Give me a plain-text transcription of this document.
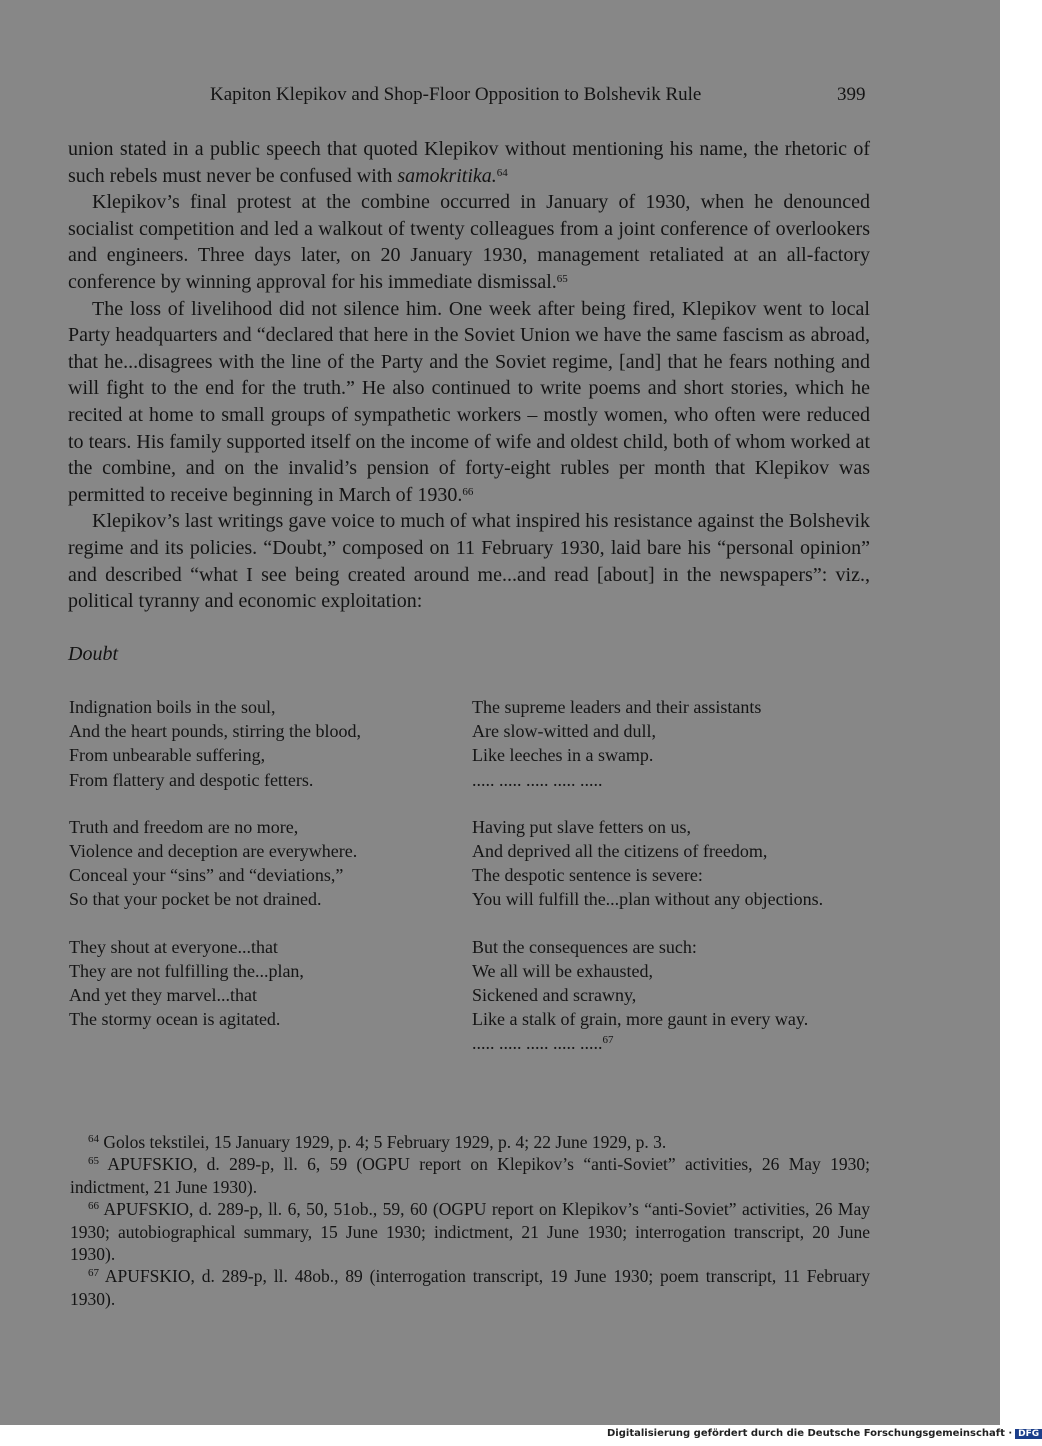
Kapiton Klepikov and Shop-Floor Opposition to Bolshevik Rule	399

union stated in a public speech that quoted Klepikov without mentioning his name, the rhetoric of such rebels must never be confused with samokritika.$^{64}$

Klepikov’s final protest at the combine occurred in January of 1930, when he denounced socialist competition and led a walkout of twenty colleagues from a joint conference of overlookers and engineers. Three days later, on 20 January 1930, management retaliated at an all-factory conference by winning approval for his immediate dismissal.$^{65}$

The loss of livelihood did not silence him. One week after being fired, Klepikov went to local Party headquarters and “declared that here in the Soviet Union we have the same fascism as abroad, that he...disagrees with the line of the Party and the Soviet regime, [and] that he fears nothing and will fight to the end for the truth.” He also continued to write poems and short stories, which he recited at home to small groups of sympathetic workers – mostly women, who often were reduced to tears. His family supported itself on the income of wife and oldest child, both of whom worked at the combine, and on the invalid’s pension of forty-eight rubles per month that Klepikov was permitted to receive beginning in March of 1930.66

Klepikov’s last writings gave voice to much of what inspired his resistance against the Bolshevik regime and its policies. “Doubt,” composed on 11 February 1930, laid bare his “personal opinion” and described “what I see being created around me...and read [about] in the newspapers”: viz., political tyranny and economic exploitation:

Doubt
Indignation boils in the soul,
And the heart pounds, stirring the blood,
From unbearable suffering,
From flattery and despotic fetters.
Truth and freedom are no more,
Violence and deception are everywhere.
Conceal your “sins” and “deviations,”
So that your pocket be not drained.
They shout at everyone...that
They are not fulfilling the...plan,
And yet they marvel...that
The stormy ocean is agitated.
The supreme leaders and their assistants
Are slow-witted and dull,
Like leeches in a swamp.
..... ..... ..... ..... .....
Having put slave fetters on us,
And deprived all the citizens of freedom,
The despotic sentence is severe:
You will fulfill the...plan without any objections.
But the consequences are such:
We all will be exhausted,
Sickened and scrawny,
Like a stalk of grain, more gaunt in every way.
..... ..... ..... ..... .....$^{67}$

$^{64}$ Golos tekstilei, 15 January 1929, p. 4; 5 February 1929, p. 4; 22 June 1929, p. 3.

$^{65}$ APUFSKIO, d. 289-p, ll. 6, 59 (OGPU report on Klepikov’s “anti-Soviet” activities, 26 May 1930; indictment, 21 June 1930).

$^{66}$ APUFSKIO, d. 289-p, ll. 6, 50, 51ob., 59, 60 (OGPU report on Klepikov’s “anti-Soviet” activities, 26 May 1930; autobiographical summary, 15 June 1930; indictment, 21 June 1930; interrogation transcript, 20 June 1930).

$^{67}$ APUFSKIO, d. 289-p, ll. 48ob., 89 (interrogation transcript, 19 June 1930; poem transcript, 11 February 1930).

Digitalisierung gefördert durch die Deutsche Forschungsgemeinschaft · DFG
